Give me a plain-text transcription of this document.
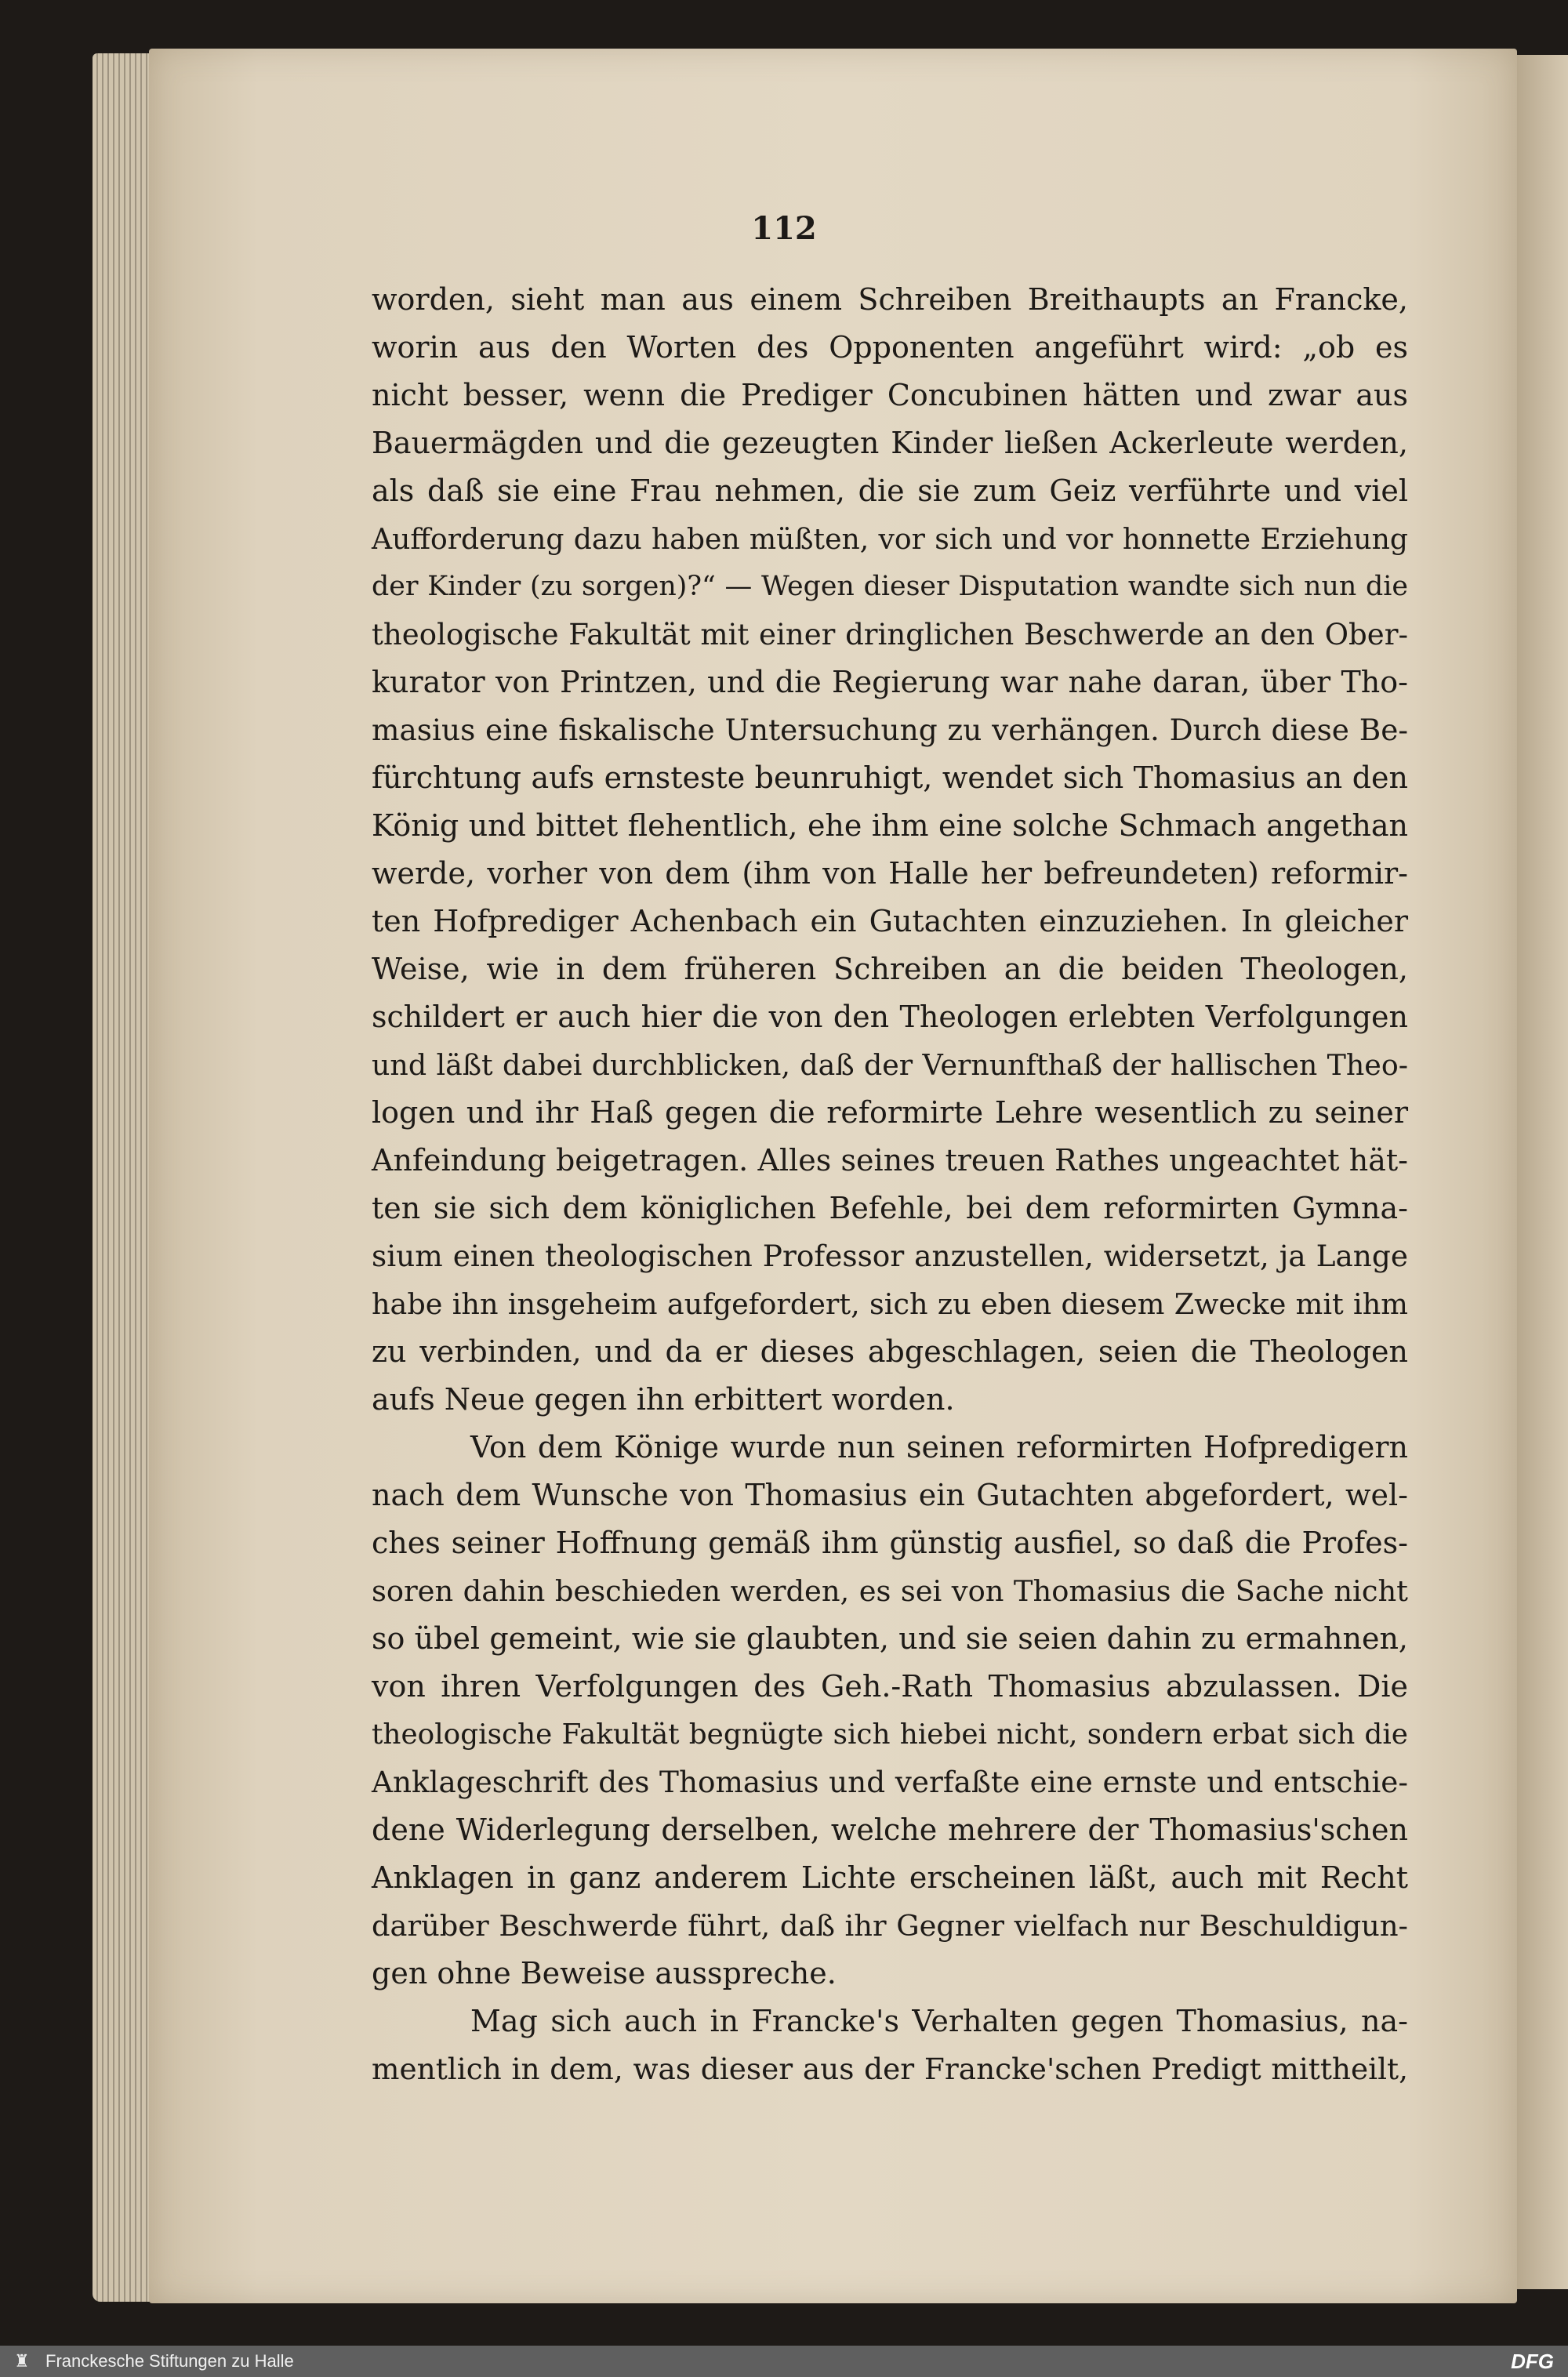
112
worden, sieht man aus einem Schreiben Breithaupts an Francke,
worin aus den Worten des Opponenten angeführt wird: „ob es
nicht besser, wenn die Prediger Concubinen hätten und zwar aus
Bauermägden und die gezeugten Kinder ließen Ackerleute werden,
als daß sie eine Frau nehmen, die sie zum Geiz verführte und viel
Aufforderung dazu haben müßten, vor sich und vor honnette Erziehung
der Kinder (zu sorgen)?“ — Wegen dieser Disputation wandte sich nun die
theologische Fakultät mit einer dringlichen Beschwerde an den Ober-
kurator von Printzen, und die Regierung war nahe daran, über Tho-
masius eine fiskalische Untersuchung zu verhängen. Durch diese Be-
fürchtung aufs ernsteste beunruhigt, wendet sich Thomasius an den
König und bittet flehentlich, ehe ihm eine solche Schmach angethan
werde, vorher von dem (ihm von Halle her befreundeten) reformir-
ten Hofprediger Achenbach ein Gutachten einzuziehen. In gleicher
Weise, wie in dem früheren Schreiben an die beiden Theologen,
schildert er auch hier die von den Theologen erlebten Verfolgungen
und läßt dabei durchblicken, daß der Vernunfthaß der hallischen Theo-
logen und ihr Haß gegen die reformirte Lehre wesentlich zu seiner
Anfeindung beigetragen. Alles seines treuen Rathes ungeachtet hät-
ten sie sich dem königlichen Befehle, bei dem reformirten Gymna-
sium einen theologischen Professor anzustellen, widersetzt, ja Lange
habe ihn insgeheim aufgefordert, sich zu eben diesem Zwecke mit ihm
zu verbinden, und da er dieses abgeschlagen, seien die Theologen
aufs Neue gegen ihn erbittert worden.
Von dem Könige wurde nun seinen reformirten Hofpredigern
nach dem Wunsche von Thomasius ein Gutachten abgefordert, wel-
ches seiner Hoffnung gemäß ihm günstig ausfiel, so daß die Profes-
soren dahin beschieden werden, es sei von Thomasius die Sache nicht
so übel gemeint, wie sie glaubten, und sie seien dahin zu ermahnen,
von ihren Verfolgungen des Geh.-Rath Thomasius abzulassen. Die
theologische Fakultät begnügte sich hiebei nicht, sondern erbat sich die
Anklageschrift des Thomasius und verfaßte eine ernste und entschie-
dene Widerlegung derselben, welche mehrere der Thomasius'schen
Anklagen in ganz anderem Lichte erscheinen läßt, auch mit Recht
darüber Beschwerde führt, daß ihr Gegner vielfach nur Beschuldigun-
gen ohne Beweise ausspreche.
Mag sich auch in Francke's Verhalten gegen Thomasius, na-
mentlich in dem, was dieser aus der Francke'schen Predigt mittheilt,
♜ Franckesche Stiftungen zu Halle	DFG
